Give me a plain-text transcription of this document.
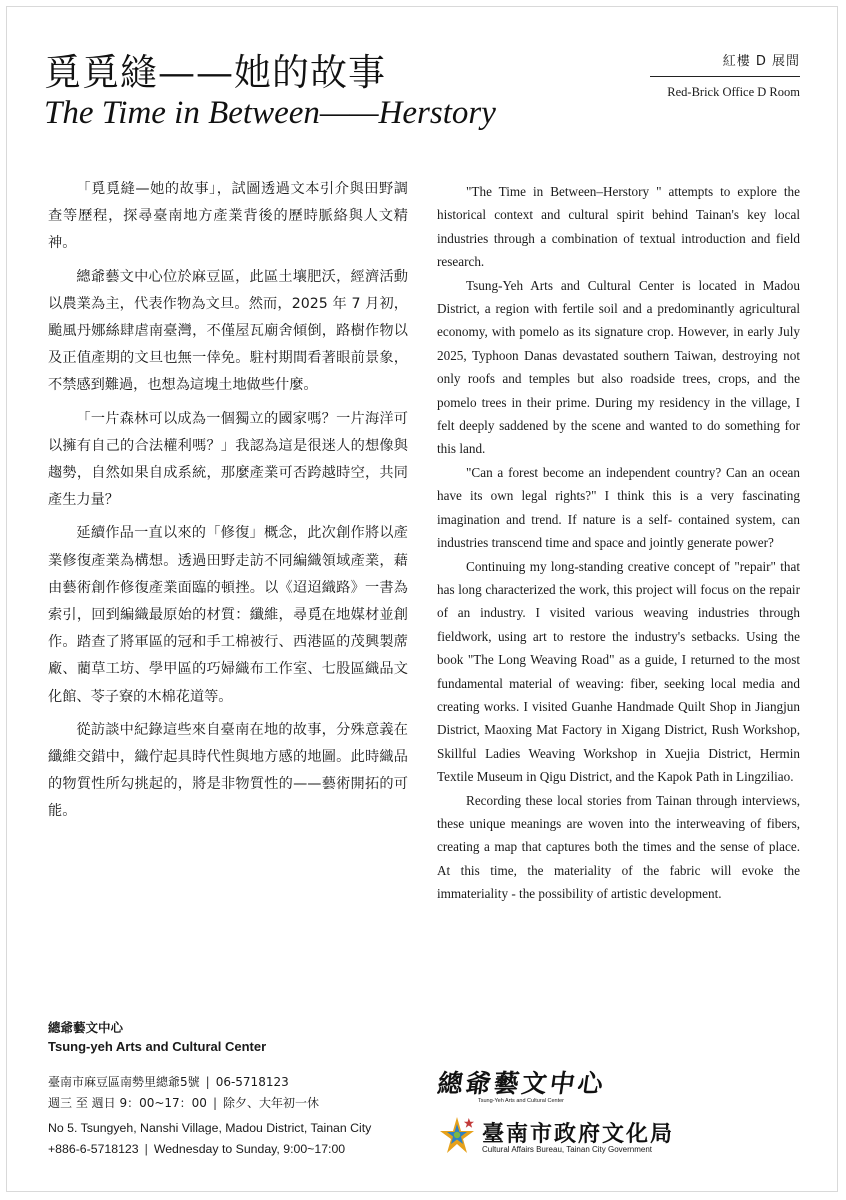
覓覓縫——她的故事
The Time in Between——Herstory
紅樓 D 展間
Red-Brick Office D Room

「覓覓縫—她的故事」，試圖透過文本引介與田野調查等歷程，探尋臺南地方產業背後的歷時脈絡與人文精神。

總爺藝文中心位於麻豆區，此區土壤肥沃，經濟活動以農業為主，代表作物為文旦。然而，2025 年 7 月初，颱風丹娜絲肆虐南臺灣，不僅屋瓦廟舍傾倒，路樹作物以及正值產期的文旦也無一倖免。駐村期間看著眼前景象，不禁感到難過，也想為這塊土地做些什麼。

「一片森林可以成為一個獨立的國家嗎？一片海洋可以擁有自己的合法權利嗎？」我認為這是很迷人的想像與趨勢，自然如果自成系統，那麼產業可否跨越時空，共同產生力量？

延續作品一直以來的「修復」概念，此次創作將以產業修復產業為構想。透過田野走訪不同編織領域產業，藉由藝術創作修復產業面臨的頓挫。以《迢迢織路》一書為索引，回到編織最原始的材質：纖維，尋覓在地媒材並創作。踏查了將軍區的冠和手工棉被行、西港區的茂興製蓆廠、藺草工坊、學甲區的巧婦織布工作室、七股區織品文化館、苓子寮的木棉花道等。

從訪談中紀錄這些來自臺南在地的故事，分殊意義在纖維交錯中，織佇起具時代性與地方感的地圖。此時織品的物質性所勾挑起的，將是非物質性的——藝術開拓的可能。

"The Time in Between–Herstory " attempts to explore the historical context and cultural spirit behind Tainan's key local industries through a combination of textual introduction and field research.

Tsung-Yeh Arts and Cultural Center is located in Madou District, a region with fertile soil and a predominantly agricultural economy, with pomelo as its signature crop. However, in early July 2025, Typhoon Danas devastated southern Taiwan, destroying not only roofs and temples but also roadside trees, crops, and the pomelo trees in their prime. During my residency in the village, I felt deeply saddened by the scene and wanted to do something for this land.

"Can a forest become an independent country? Can an ocean have its own legal rights?" I think this is a very fascinating imagination and trend. If nature is a self- contained system, can industries transcend time and space and jointly generate power?

Continuing my long-standing creative concept of "repair" that has long characterized the work, this project will focus on the repair of an industry. I visited various weaving industries through fieldwork, using art to restore the industry's setbacks. Using the book "The Long Weaving Road" as a guide, I returned to the most fundamental material of weaving: fiber, seeking local media and creating works. I visited Guanhe Handmade Quilt Shop in Jiangjun District, Maoxing Mat Factory in Xigang District, Rush Workshop, Skillful Ladies Weaving Workshop in Xuejia District, Hermin Textile Museum in Qigu District, and the Kapok Path in Lingziliao.

Recording these local stories from Tainan through interviews, these unique meanings are woven into the interweaving of fibers, creating a map that captures both the times and the sense of place. At this time, the materiality of the fabric will evoke the immateriality - the possibility of artistic development.

總爺藝文中心
Tsung-yeh Arts and Cultural Center
臺南市麻豆區南勢里總爺5號 | 06-5718123
週三 至 週日 9：00~17：00 | 除夕、大年初一休
No 5. Tsungyeh, Nanshi Village, Madou District, Tainan City
+886-6-5718123 | Wednesday to Sunday, 9:00~17:00
總爺藝文中心
Tsung-Yeh Arts and Cultural Center
臺南市政府文化局
Cultural Affairs Bureau, Tainan City Government
